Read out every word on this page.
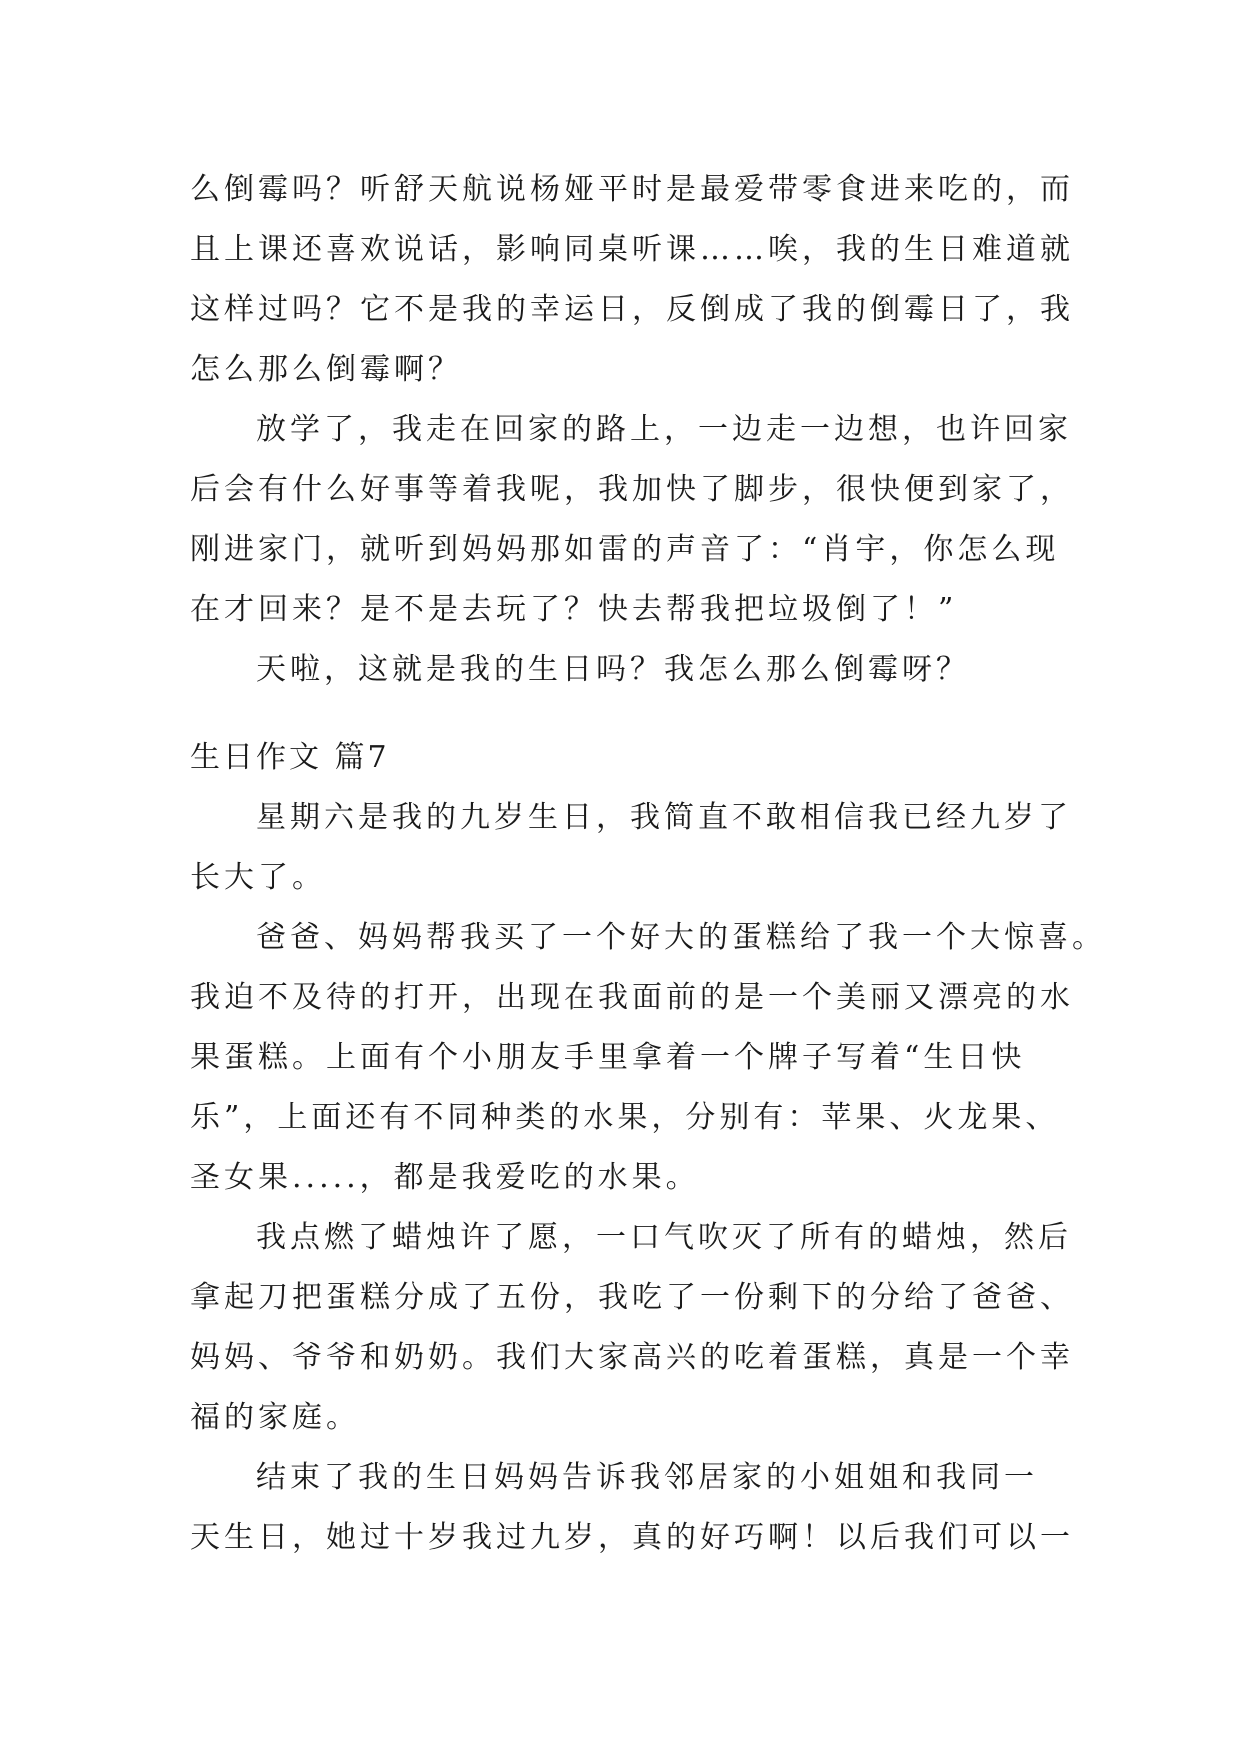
么倒霉吗？听舒天航说杨娅平时是最爱带零食进来吃的，而
且上课还喜欢说话，影响同桌听课……唉，我的生日难道就
这样过吗？它不是我的幸运日，反倒成了我的倒霉日了，我
怎么那么倒霉啊？
放学了，我走在回家的路上，一边走一边想，也许回家
后会有什么好事等着我呢，我加快了脚步，很快便到家了，
刚进家门，就听到妈妈那如雷的声音了：“肖宇，你怎么现
在才回来？是不是去玩了？快去帮我把垃圾倒了！”
天啦，这就是我的生日吗？我怎么那么倒霉呀？
生日作文 篇7
星期六是我的九岁生日，我简直不敢相信我已经九岁了
长大了。
爸爸、妈妈帮我买了一个好大的蛋糕给了我一个大惊喜。
我迫不及待的打开，出现在我面前的是一个美丽又漂亮的水
果蛋糕。上面有个小朋友手里拿着一个牌子写着“生日快
乐”，上面还有不同种类的水果，分别有：苹果、火龙果、
圣女果.....，都是我爱吃的水果。
我点燃了蜡烛许了愿，一口气吹灭了所有的蜡烛，然后
拿起刀把蛋糕分成了五份，我吃了一份剩下的分给了爸爸、
妈妈、爷爷和奶奶。我们大家高兴的吃着蛋糕，真是一个幸
福的家庭。
结束了我的生日妈妈告诉我邻居家的小姐姐和我同一
天生日，她过十岁我过九岁，真的好巧啊！以后我们可以一
